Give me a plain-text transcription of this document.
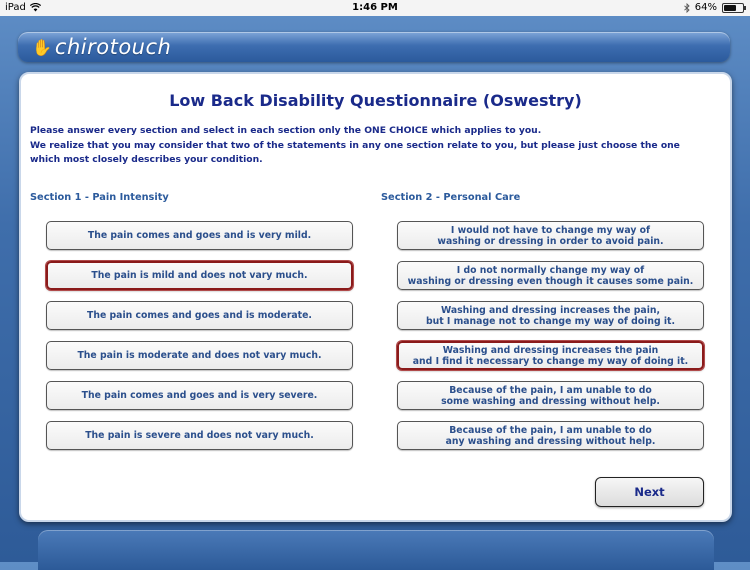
iPad	1:46 PM	64%
✋ chirotouch
Low Back Disability Questionnaire (Oswestry)
Please answer every section and select in each section only the ONE CHOICE which applies to you.
We realize that you may consider that two of the statements in any one section relate to you, but please just choose the one
which most closely describes your condition.
Section 1 - Pain Intensity	Section 2 - Personal Care
The pain comes and goes and is very mild.
The pain is mild and does not vary much.
The pain comes and goes and is moderate.
The pain is moderate and does not vary much.
The pain comes and goes and is very severe.
The pain is severe and does not vary much.
I would not have to change my way of
washing or dressing in order to avoid pain.
I do not normally change my way of
washing or dressing even though it causes some pain.
Washing and dressing increases the pain,
but I manage not to change my way of doing it.
Washing and dressing increases the pain
and I find it necessary to change my way of doing it.
Because of the pain, I am unable to do
some washing and dressing without help.
Because of the pain, I am unable to do
any washing and dressing without help.
Next
